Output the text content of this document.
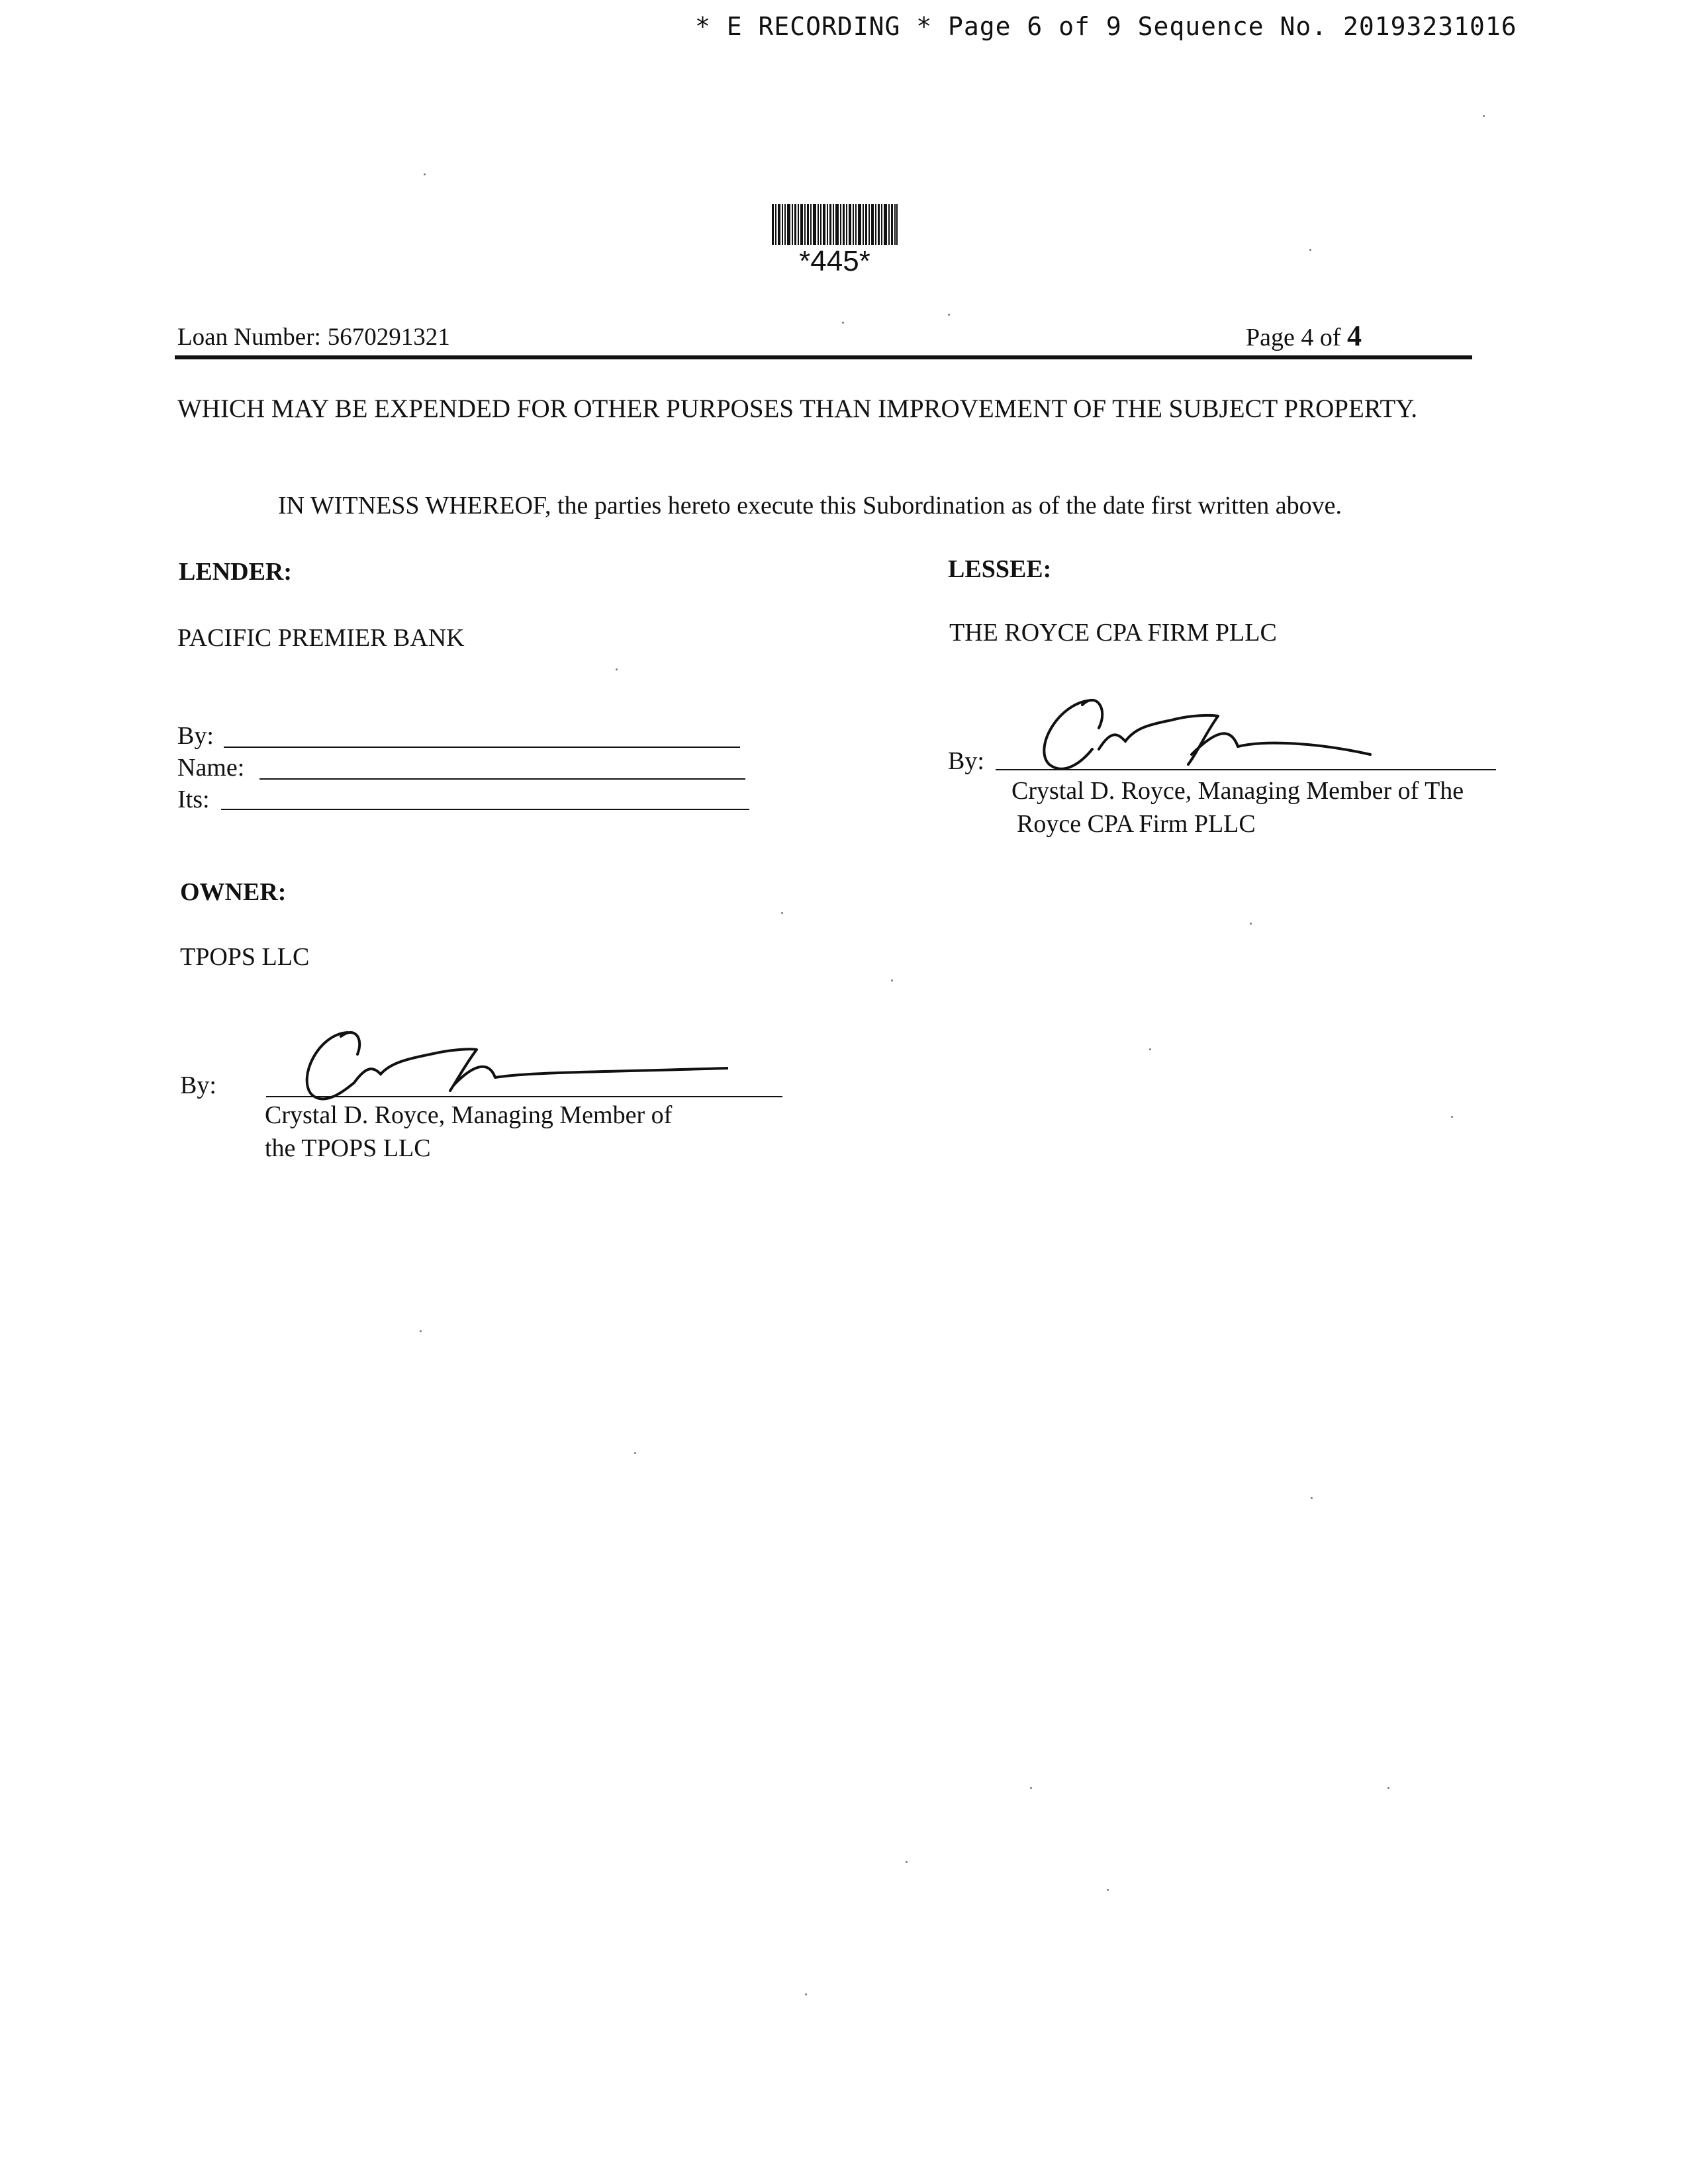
* E RECORDING * Page 6 of 9 Sequence No. 20193231016
*445*
Loan Number: 5670291321	Page 4 of 4
WHICH MAY BE EXPENDED FOR OTHER PURPOSES THAN IMPROVEMENT OF THE SUBJECT PROPERTY.
IN WITNESS WHEREOF, the parties hereto execute this Subordination as of the date first written above.
LENDER:
PACIFIC PREMIER BANK
By:
Name:
Its:
LESSEE:
THE ROYCE CPA FIRM PLLC
By:
Crystal D. Royce, Managing Member of The
Royce CPA Firm PLLC
OWNER:
TPOPS LLC
By:
Crystal D. Royce, Managing Member of
the TPOPS LLC
